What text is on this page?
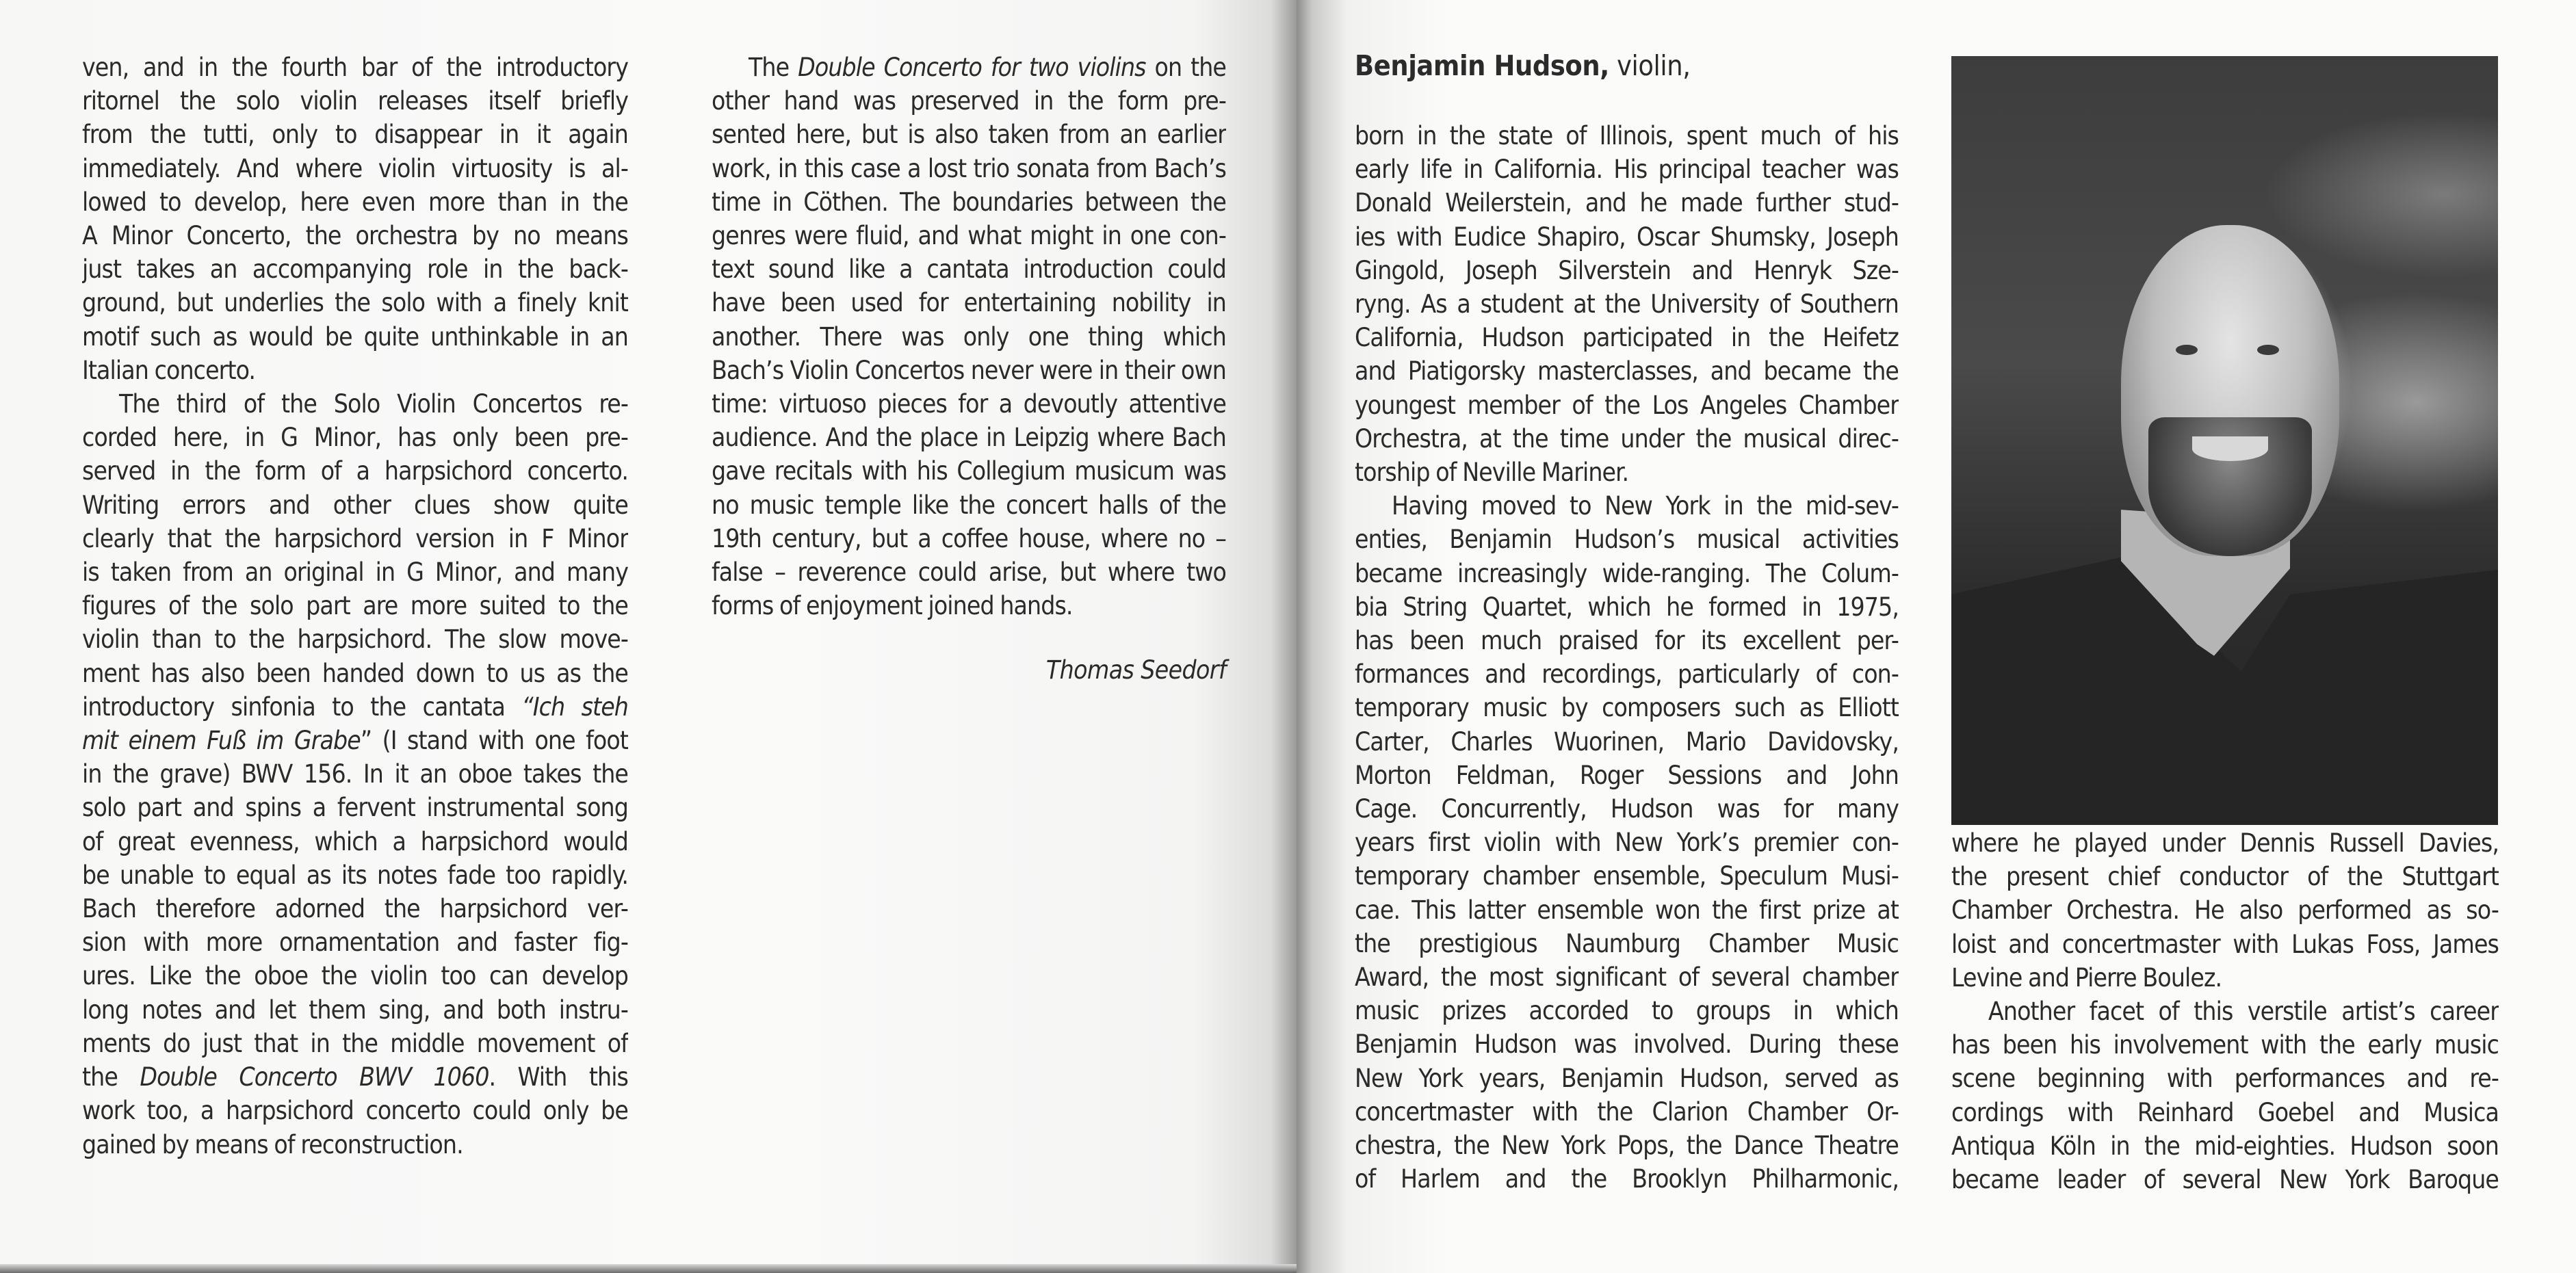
ven, and in the fourth bar of the introductory
ritornel the solo violin releases itself briefly
from the tutti, only to disappear in it again
immediately. And where violin virtuosity is al-
lowed to develop, here even more than in the
A Minor Concerto, the orchestra by no means
just takes an accompanying role in the back-
ground, but underlies the solo with a finely knit
motif such as would be quite unthinkable in an
Italian concerto.

The third of the Solo Violin Concertos re-
corded here, in G Minor, has only been pre-
served in the form of a harpsichord concerto.
Writing errors and other clues show quite
clearly that the harpsichord version in F Minor
is taken from an original in G Minor, and many
figures of the solo part are more suited to the
violin than to the harpsichord. The slow move-
ment has also been handed down to us as the
introductory sinfonia to the cantata “Ich steh
mit einem Fuß im Grabe” (I stand with one foot
in the grave) BWV 156. In it an oboe takes the
solo part and spins a fervent instrumental song
of great evenness, which a harpsichord would
be unable to equal as its notes fade too rapidly.
Bach therefore adorned the harpsichord ver-
sion with more ornamentation and faster fig-
ures. Like the oboe the violin too can develop
long notes and let them sing, and both instru-
ments do just that in the middle movement of
the Double Concerto BWV 1060. With this
work too, a harpsichord concerto could only be
gained by means of reconstruction.

The Double Concerto for two violins on the
other hand was preserved in the form pre-
sented here, but is also taken from an earlier
work, in this case a lost trio sonata from Bach’s
time in Cöthen. The boundaries between the
genres were fluid, and what might in one con-
text sound like a cantata introduction could
have been used for entertaining nobility in
another. There was only one thing which
Bach’s Violin Concertos never were in their own
time: virtuoso pieces for a devoutly attentive
audience. And the place in Leipzig where Bach
gave recitals with his Collegium musicum was
no music temple like the concert halls of the
19th century, but a coffee house, where no –
false – reverence could arise, but where two
forms of enjoyment joined hands.

Thomas Seedorf
Benjamin Hudson, violin,

born in the state of Illinois, spent much of his
early life in California. His principal teacher was
Donald Weilerstein, and he made further stud-
ies with Eudice Shapiro, Oscar Shumsky, Joseph
Gingold, Joseph Silverstein and Henryk Sze-
ryng. As a student at the University of Southern
California, Hudson participated in the Heifetz
and Piatigorsky masterclasses, and became the
youngest member of the Los Angeles Chamber
Orchestra, at the time under the musical direc-
torship of Neville Mariner.

Having moved to New York in the mid-sev-
enties, Benjamin Hudson’s musical activities
became increasingly wide-ranging. The Colum-
bia String Quartet, which he formed in 1975,
has been much praised for its excellent per-
formances and recordings, particularly of con-
temporary music by composers such as Elliott
Carter, Charles Wuorinen, Mario Davidovsky,
Morton Feldman, Roger Sessions and John
Cage. Concurrently, Hudson was for many
years first violin with New York’s premier con-
temporary chamber ensemble, Speculum Musi-
cae. This latter ensemble won the first prize at
the prestigious Naumburg Chamber Music
Award, the most significant of several chamber
music prizes accorded to groups in which
Benjamin Hudson was involved. During these
New York years, Benjamin Hudson, served as
concertmaster with the Clarion Chamber Or-
chestra, the New York Pops, the Dance Theatre
of Harlem and the Brooklyn Philharmonic,

where he played under Dennis Russell Davies,
the present chief conductor of the Stuttgart
Chamber Orchestra. He also performed as so-
loist and concertmaster with Lukas Foss, James
Levine and Pierre Boulez.

Another facet of this verstile artist’s career
has been his involvement with the early music
scene beginning with performances and re-
cordings with Reinhard Goebel and Musica
Antiqua Köln in the mid-eighties. Hudson soon
became leader of several New York Baroque
